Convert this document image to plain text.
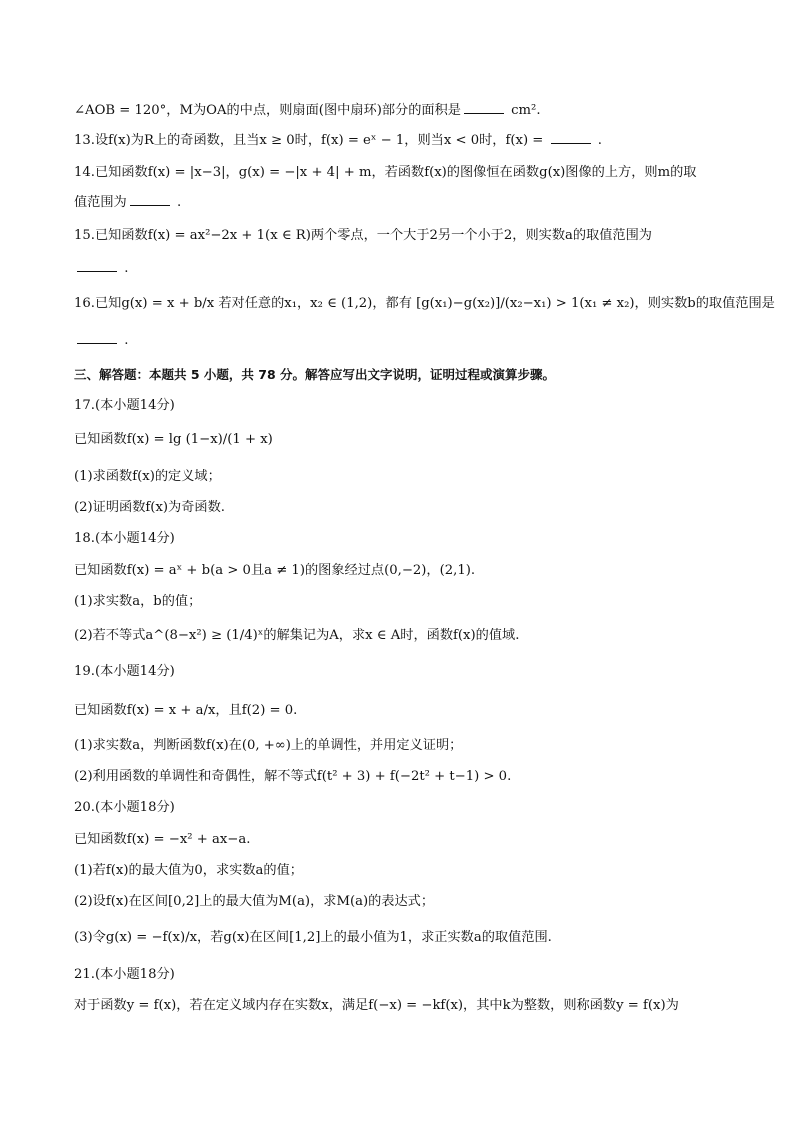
∠AOB = 120°，M为OA的中点，则扇面(图中扇环)部分的面积是	cm².
13.设f(x)为R上的奇函数，且当x ≥ 0时，f(x) = eˣ − 1，则当x < 0时，f(x) =	.
14.已知函数f(x) = |x−3|，g(x) = −|x + 4| + m，若函数f(x)的图像恒在函数g(x)图像的上方，则m的取
值范围为	.
15.已知函数f(x) = ax²−2x + 1(x ∈ R)两个零点，一个大于2另一个小于2，则实数a的取值范围为
.
16.已知g(x) = x + b/x 若对任意的x₁，x₂ ∈ (1,2)，都有 [g(x₁)−g(x₂)]/(x₂−x₁) > 1(x₁ ≠ x₂)，则实数b的取值范围是
.
三、解答题：本题共 5 小题，共 78 分。解答应写出文字说明，证明过程或演算步骤。
17.(本小题14分)
已知函数f(x) = lg (1−x)/(1 + x)
(1)求函数f(x)的定义域；
(2)证明函数f(x)为奇函数.
18.(本小题14分)
已知函数f(x) = aˣ + b(a > 0且a ≠ 1)的图象经过点(0,−2)，(2,1).
(1)求实数a，b的值；
(2)若不等式a^(8−x²) ≥ (1/4)ˣ的解集记为A，求x ∈ A时，函数f(x)的值域.
19.(本小题14分)
已知函数f(x) = x + a/x，且f(2) = 0.
(1)求实数a，判断函数f(x)在(0, +∞)上的单调性，并用定义证明；
(2)利用函数的单调性和奇偶性，解不等式f(t² + 3) + f(−2t² + t−1) > 0.
20.(本小题18分)
已知函数f(x) = −x² + ax−a.
(1)若f(x)的最大值为0，求实数a的值；
(2)设f(x)在区间[0,2]上的最大值为M(a)，求M(a)的表达式；
(3)令g(x) = −f(x)/x，若g(x)在区间[1,2]上的最小值为1，求正实数a的取值范围.
21.(本小题18分)
对于函数y = f(x)，若在定义域内存在实数x，满足f(−x) = −kf(x)，其中k为整数，则称函数y = f(x)为
